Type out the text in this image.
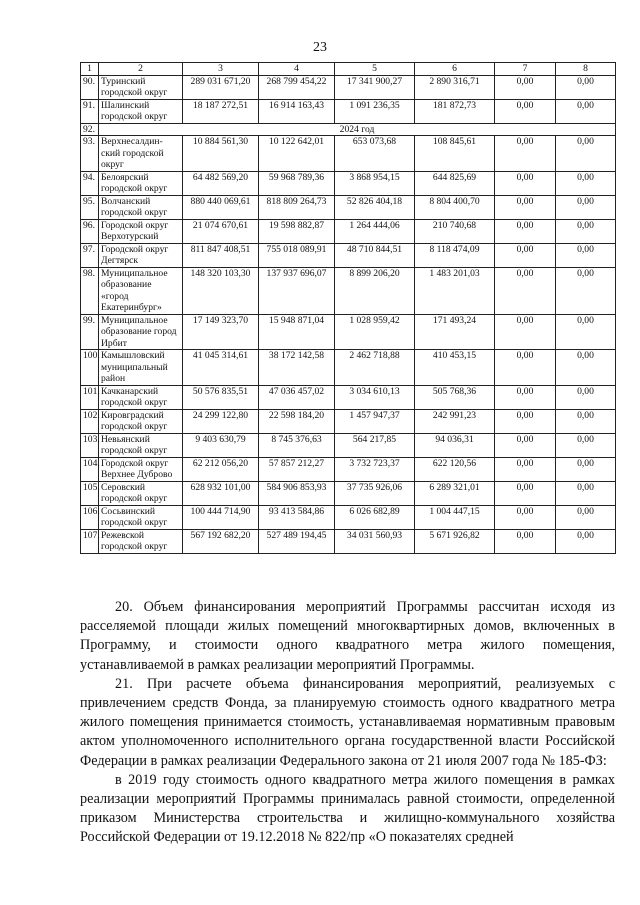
23
1	2	3	4	5	6	7	8
90.	Туринский городской округ	289 031 671,20	268 799 454,22	17 341 900,27	2 890 316,71	0,00	0,00
91.	Шалинский городской округ	18 187 272,51	16 914 163,43	1 091 236,35	181 872,73	0,00	0,00
92.	2024 год						
93.	Верхнесалдин-ский городской округ	10 884 561,30	10 122 642,01	653 073,68	108 845,61	0,00	0,00
94.	Белоярский городской округ	64 482 569,20	59 968 789,36	3 868 954,15	644 825,69	0,00	0,00
95.	Волчанский городской округ	880 440 069,61	818 809 264,73	52 826 404,18	8 804 400,70	0,00	0,00
96.	Городской округ Верхотурский	21 074 670,61	19 598 882,87	1 264 444,06	210 740,68	0,00	0,00
97.	Городской округ Дегтярск	811 847 408,51	755 018 089,91	48 710 844,51	8 118 474,09	0,00	0,00
98.	Муниципальное образование «город Екатеринбург»	148 320 103,30	137 937 696,07	8 899 206,20	1 483 201,03	0,00	0,00
99.	Муниципальное образование город Ирбит	17 149 323,70	15 948 871,04	1 028 959,42	171 493,24	0,00	0,00
100.	Камышловский муниципальный район	41 045 314,61	38 172 142,58	2 462 718,88	410 453,15	0,00	0,00
101.	Качканарский городской округ	50 576 835,51	47 036 457,02	3 034 610,13	505 768,36	0,00	0,00
102.	Кировградский городской округ	24 299 122,80	22 598 184,20	1 457 947,37	242 991,23	0,00	0,00
103.	Невьянский городской округ	9 403 630,79	8 745 376,63	564 217,85	94 036,31	0,00	0,00
104.	Городской округ Верхнее Дуброво	62 212 056,20	57 857 212,27	3 732 723,37	622 120,56	0,00	0,00
105.	Серовский городской округ	628 932 101,00	584 906 853,93	37 735 926,06	6 289 321,01	0,00	0,00
106.	Сосьвинский городской округ	100 444 714,90	93 413 584,86	6 026 682,89	1 004 447,15	0,00	0,00
107.	Режевской городской округ	567 192 682,20	527 489 194,45	34 031 560,93	5 671 926,82	0,00	0,00

20. Объем финансирования мероприятий Программы рассчитан исходя из расселяемой площади жилых помещений многоквартирных домов, включенных в Программу, и стоимости одного квадратного метра жилого помещения, устанавливаемой в рамках реализации мероприятий Программы.

21. При расчете объема финансирования мероприятий, реализуемых с привлечением средств Фонда, за планируемую стоимость одного квадратного метра жилого помещения принимается стоимость, устанавливаемая нормативным правовым актом уполномоченного исполнительного органа государственной власти Российской Федерации в рамках реализации Федерального закона от 21 июля 2007 года № 185-ФЗ:

в 2019 году стоимость одного квадратного метра жилого помещения в рамках реализации мероприятий Программы принималась равной стоимости, определенной приказом Министерства строительства и жилищно-коммунального хозяйства Российской Федерации от 19.12.2018 № 822/пр «О показателях средней
